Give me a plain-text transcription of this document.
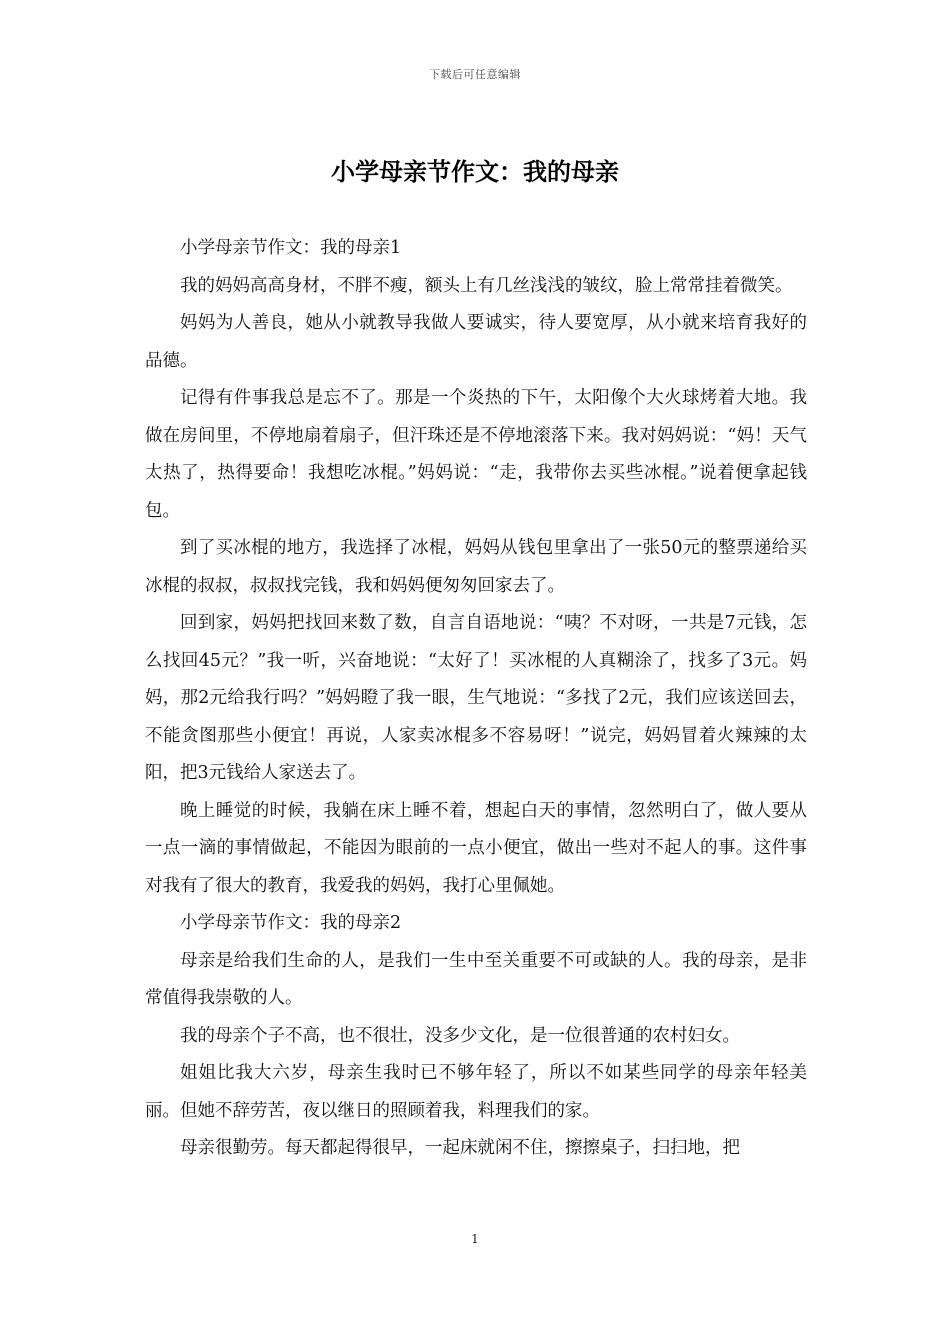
下载后可任意编辑
小学母亲节作文：我的母亲

小学母亲节作文：我的母亲1

我的妈妈高高身材，不胖不瘦，额头上有几丝浅浅的皱纹，脸上常常挂着微笑。

妈妈为人善良，她从小就教导我做人要诚实，待人要宽厚，从小就来培育我好的品德。

记得有件事我总是忘不了。那是一个炎热的下午，太阳像个大火球烤着大地。我做在房间里，不停地扇着扇子，但汗珠还是不停地滚落下来。我对妈妈说：“妈！天气太热了，热得要命！我想吃冰棍。”妈妈说：“走，我带你去买些冰棍。”说着便拿起钱包。

到了买冰棍的地方，我选择了冰棍，妈妈从钱包里拿出了一张50元的整票递给买冰棍的叔叔，叔叔找完钱，我和妈妈便匆匆回家去了。

回到家，妈妈把找回来数了数，自言自语地说：“咦？不对呀，一共是7元钱，怎么找回45元？”我一听，兴奋地说：“太好了！买冰棍的人真糊涂了，找多了3元。妈妈，那2元给我行吗？”妈妈瞪了我一眼，生气地说：“多找了2元，我们应该送回去，不能贪图那些小便宜！再说，人家卖冰棍多不容易呀！”说完，妈妈冒着火辣辣的太阳，把3元钱给人家送去了。

晚上睡觉的时候，我躺在床上睡不着，想起白天的事情，忽然明白了，做人要从一点一滴的事情做起，不能因为眼前的一点小便宜，做出一些对不起人的事。这件事对我有了很大的教育，我爱我的妈妈，我打心里佩她。

小学母亲节作文：我的母亲2

母亲是给我们生命的人，是我们一生中至关重要不可或缺的人。我的母亲，是非常值得我崇敬的人。

我的母亲个子不高，也不很壮，没多少文化，是一位很普通的农村妇女。

姐姐比我大六岁，母亲生我时已不够年轻了，所以不如某些同学的母亲年轻美丽。但她不辞劳苦，夜以继日的照顾着我，料理我们的家。

母亲很勤劳。每天都起得很早，一起床就闲不住，擦擦桌子，扫扫地，把

1
